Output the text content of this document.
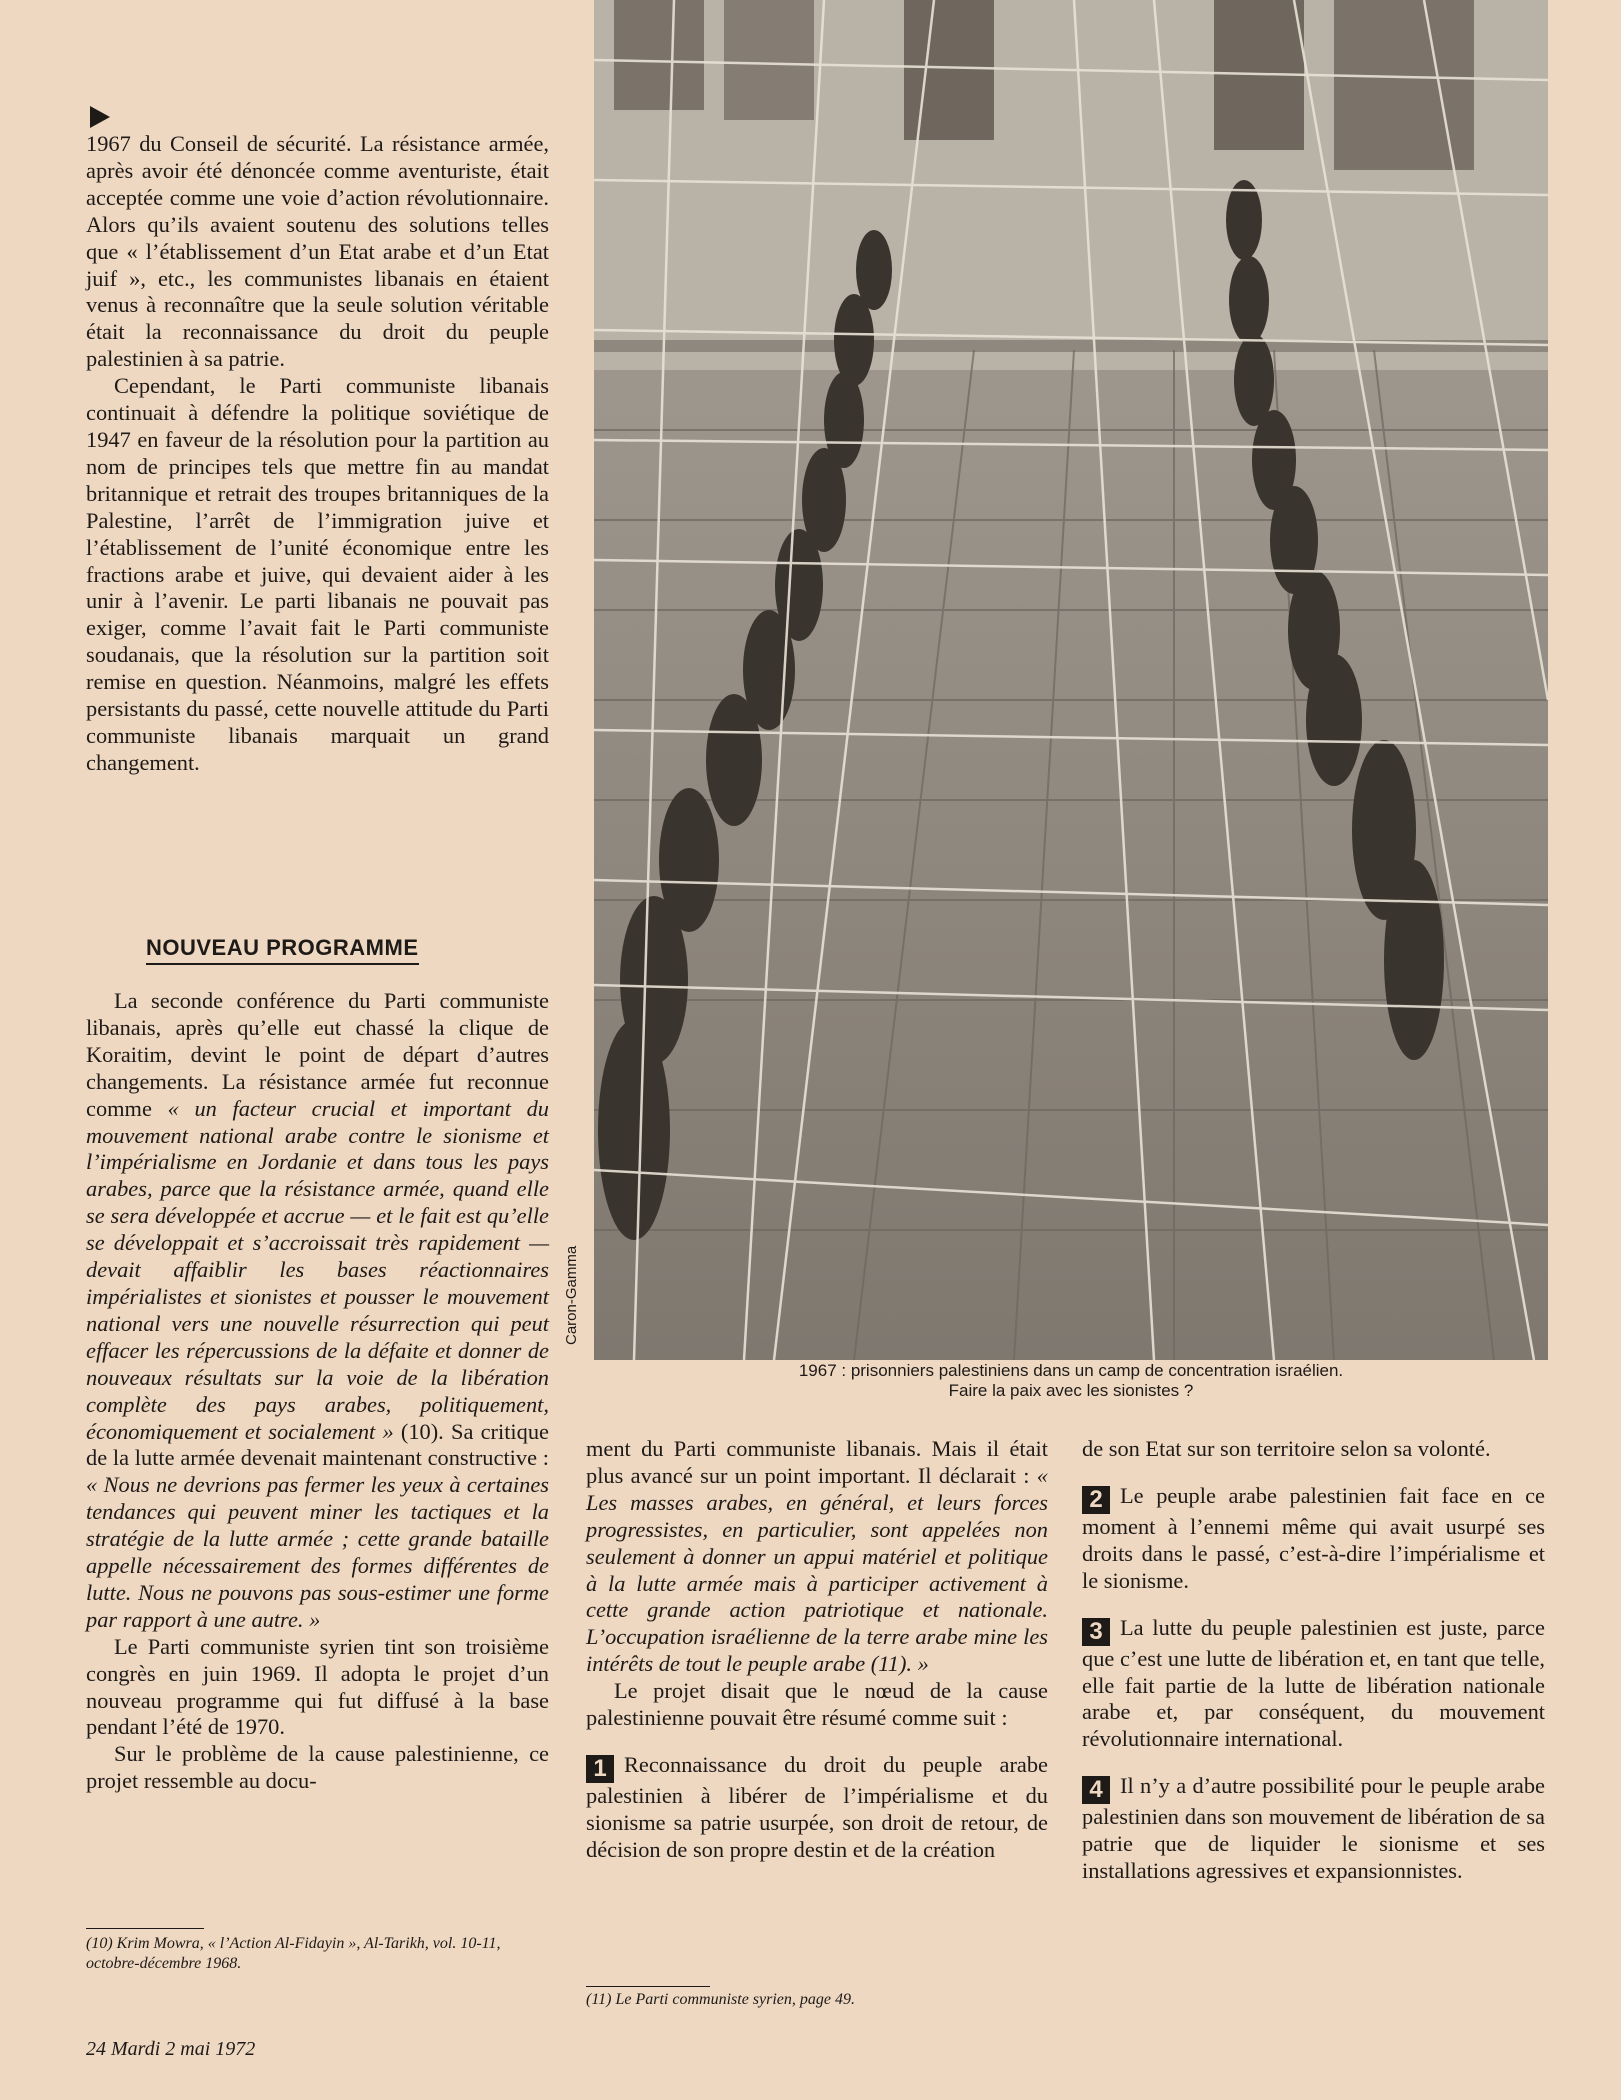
1967 du Conseil de sécurité. La résistance armée, après avoir été dénoncée comme aventuriste, était acceptée comme une voie d’action révolutionnaire. Alors qu’ils avaient soutenu des solutions telles que « l’établissement d’un Etat arabe et d’un Etat juif », etc., les communistes libanais en étaient venus à reconnaître que la seule solution véritable était la reconnaissance du droit du peuple palestinien à sa patrie.

Cependant, le Parti communiste libanais continuait à défendre la politique soviétique de 1947 en faveur de la résolution pour la partition au nom de principes tels que mettre fin au mandat britannique et retrait des troupes britanniques de la Palestine, l’arrêt de l’immigration juive et l’établissement de l’unité économique entre les fractions arabe et juive, qui devaient aider à les unir à l’avenir. Le parti libanais ne pouvait pas exiger, comme l’avait fait le Parti communiste soudanais, que la résolution sur la partition soit remise en question. Néanmoins, malgré les effets persistants du passé, cette nouvelle attitude du Parti communiste libanais marquait un grand changement.

NOUVEAU PROGRAMME

La seconde conférence du Parti communiste libanais, après qu’elle eut chassé la clique de Koraitim, devint le point de départ d’autres changements. La résistance armée fut reconnue comme « un facteur crucial et important du mouvement national arabe contre le sionisme et l’impérialisme en Jordanie et dans tous les pays arabes, parce que la résistance armée, quand elle se sera développée et accrue — et le fait est qu’elle se développait et s’accroissait très rapidement — devait affaiblir les bases réactionnaires impérialistes et sionistes et pousser le mouvement national vers une nouvelle résurrection qui peut effacer les répercussions de la défaite et donner de nouveaux résultats sur la voie de la libération complète des pays arabes, politiquement, économiquement et socialement » (10). Sa critique de la lutte armée devenait maintenant constructive : « Nous ne devrions pas fermer les yeux à certaines tendances qui peuvent miner les tactiques et la stratégie de la lutte armée ; cette grande bataille appelle nécessairement des formes différentes de lutte. Nous ne pouvons pas sous-estimer une forme par rapport à une autre. »

Le Parti communiste syrien tint son troisième congrès en juin 1969. Il adopta le projet d’un nouveau programme qui fut diffusé à la base pendant l’été de 1970.

Sur le problème de la cause palestinienne, ce projet ressemble au docu-

(10) Krim Mowra, « l’Action Al-Fidayin », Al-Tarikh, vol. 10-11, octobre-décembre 1968.
Caron-Gamma
1967 : prisonniers palestiniens dans un camp de concentration israélien.
Faire la paix avec les sionistes ?

ment du Parti communiste libanais. Mais il était plus avancé sur un point important. Il déclarait : « Les masses arabes, en général, et leurs forces progressistes, en particulier, sont appelées non seulement à donner un appui matériel et politique à la lutte armée mais à participer activement à cette grande action patriotique et nationale. L’occupation israélienne de la terre arabe mine les intérêts de tout le peuple arabe (11). »

Le projet disait que le nœud de la cause palestinienne pouvait être résumé comme suit :

1 Reconnaissance du droit du peuple arabe palestinien à libérer de l’impérialisme et du sionisme sa patrie usurpée, son droit de retour, de décision de son propre destin et de la création

(11) Le Parti communiste syrien, page 49.

de son Etat sur son territoire selon sa volonté.

2 Le peuple arabe palestinien fait face en ce moment à l’ennemi même qui avait usurpé ses droits dans le passé, c’est-à-dire l’impérialisme et le sionisme.

3 La lutte du peuple palestinien est juste, parce que c’est une lutte de libération et, en tant que telle, elle fait partie de la lutte de libération nationale arabe et, par conséquent, du mouvement révolutionnaire international.

4 Il n’y a d’autre possibilité pour le peuple arabe palestinien dans son mouvement de libération de sa patrie que de liquider le sionisme et ses installations agressives et expansionnistes.

24 Mardi 2 mai 1972
